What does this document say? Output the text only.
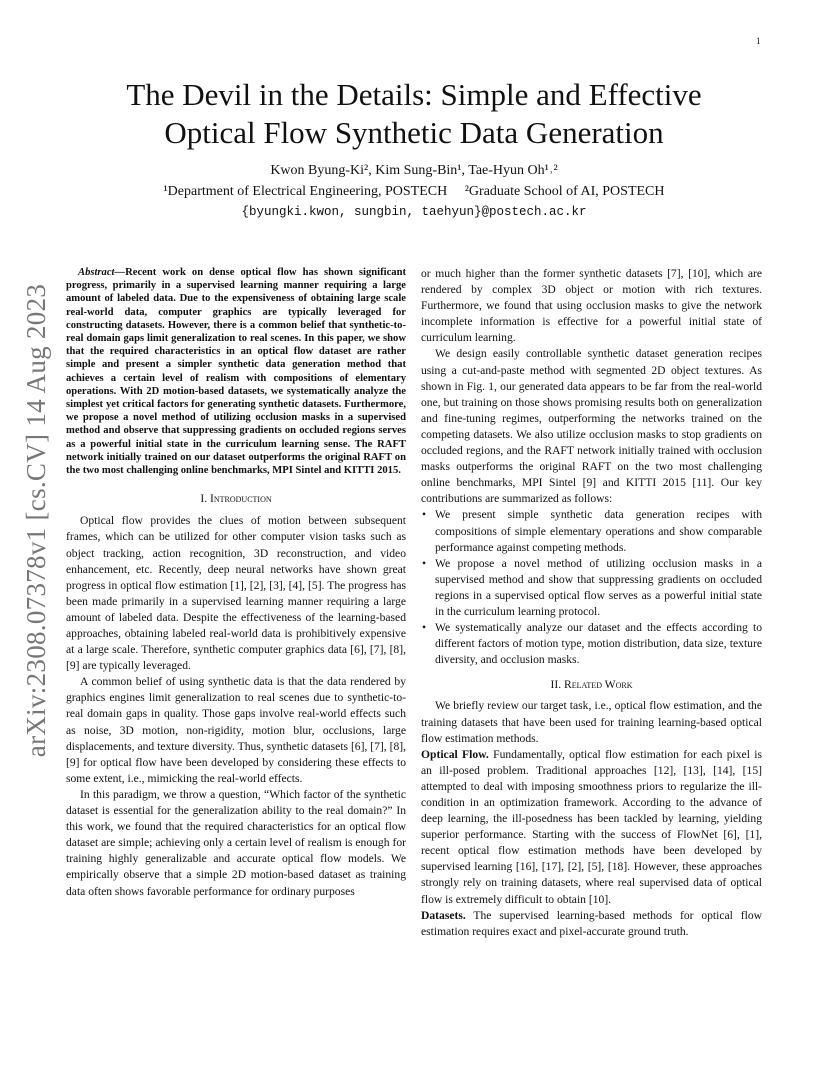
1
arXiv:2308.07378v1 [cs.CV] 14 Aug 2023
The Devil in the Details: Simple and Effective
Optical Flow Synthetic Data Generation
Kwon Byung-Ki², Kim Sung-Bin¹, Tae-Hyun Oh¹˒²
¹Department of Electrical Engineering, POSTECH ²Graduate School of AI, POSTECH
{byungki.kwon, sungbin, taehyun}@postech.ac.kr

Abstract—Recent work on dense optical flow has shown significant progress, primarily in a supervised learning manner requiring a large amount of labeled data. Due to the expensiveness of obtaining large scale real-world data, computer graphics are typically leveraged for constructing datasets. However, there is a common belief that synthetic-to-real domain gaps limit generalization to real scenes. In this paper, we show that the required characteristics in an optical flow dataset are rather simple and present a simpler synthetic data generation method that achieves a certain level of realism with compositions of elementary operations. With 2D motion-based datasets, we systematically analyze the simplest yet critical factors for generating synthetic datasets. Furthermore, we propose a novel method of utilizing occlusion masks in a supervised method and observe that suppressing gradients on occluded regions serves as a powerful initial state in the curriculum learning sense. The RAFT network initially trained on our dataset outperforms the original RAFT on the two most challenging online benchmarks, MPI Sintel and KITTI 2015.

I. Introduction

Optical flow provides the clues of motion between subsequent frames, which can be utilized for other computer vision tasks such as object tracking, action recognition, 3D reconstruction, and video enhancement, etc. Recently, deep neural networks have shown great progress in optical flow estimation [1], [2], [3], [4], [5]. The progress has been made primarily in a supervised learning manner requiring a large amount of labeled data. Despite the effectiveness of the learning-based approaches, obtaining labeled real-world data is prohibitively expensive at a large scale. Therefore, synthetic computer graphics data [6], [7], [8], [9] are typically leveraged.

A common belief of using synthetic data is that the data rendered by graphics engines limit generalization to real scenes due to synthetic-to-real domain gaps in quality. Those gaps involve real-world effects such as noise, 3D motion, non-rigidity, motion blur, occlusions, large displacements, and texture diversity. Thus, synthetic datasets [6], [7], [8], [9] for optical flow have been developed by considering these effects to some extent, i.e., mimicking the real-world effects.

In this paradigm, we throw a question, “Which factor of the synthetic dataset is essential for the generalization ability to the real domain?” In this work, we found that the required characteristics for an optical flow dataset are simple; achieving only a certain level of realism is enough for training highly generalizable and accurate optical flow models. We empirically observe that a simple 2D motion-based dataset as training data often shows favorable performance for ordinary purposes

or much higher than the former synthetic datasets [7], [10], which are rendered by complex 3D object or motion with rich textures. Furthermore, we found that using occlusion masks to give the network incomplete information is effective for a powerful initial state of curriculum learning.

We design easily controllable synthetic dataset generation recipes using a cut-and-paste method with segmented 2D object textures. As shown in Fig. 1, our generated data appears to be far from the real-world one, but training on those shows promising results both on generalization and fine-tuning regimes, outperforming the networks trained on the competing datasets. We also utilize occlusion masks to stop gradients on occluded regions, and the RAFT network initially trained with occlusion masks outperforms the original RAFT on the two most challenging online benchmarks, MPI Sintel [9] and KITTI 2015 [11]. Our key contributions are summarized as follows:

• We present simple synthetic data generation recipes with compositions of simple elementary operations and show comparable performance against competing methods.
• We propose a novel method of utilizing occlusion masks in a supervised method and show that suppressing gradients on occluded regions in a supervised optical flow serves as a powerful initial state in the curriculum learning protocol.
• We systematically analyze our dataset and the effects according to different factors of motion type, motion distribution, data size, texture diversity, and occlusion masks.
II. Related Work

We briefly review our target task, i.e., optical flow estimation, and the training datasets that have been used for training learning-based optical flow estimation methods.

Optical Flow. Fundamentally, optical flow estimation for each pixel is an ill-posed problem. Traditional approaches [12], [13], [14], [15] attempted to deal with imposing smoothness priors to regularize the ill-condition in an optimization framework. According to the advance of deep learning, the ill-posedness has been tackled by learning, yielding superior performance. Starting with the success of FlowNet [6], [1], recent optical flow estimation methods have been developed by supervised learning [16], [17], [2], [5], [18]. However, these approaches strongly rely on training datasets, where real supervised data of optical flow is extremely difficult to obtain [10].

Datasets. The supervised learning-based methods for optical flow estimation requires exact and pixel-accurate ground truth.
